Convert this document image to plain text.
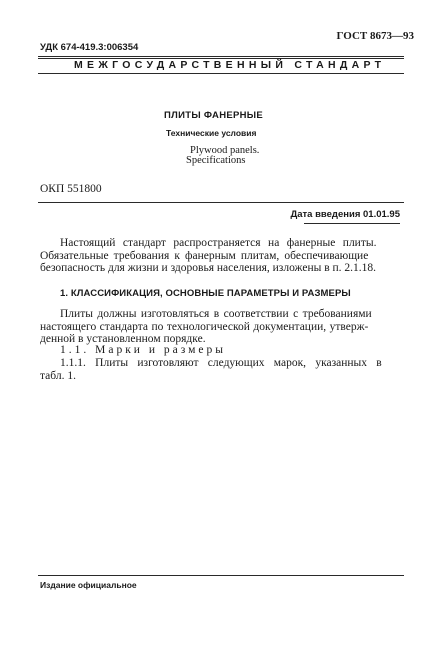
ГОСТ 8673—93
УДК 674-419.3:006354
МЕЖГОСУДАРСТВЕННЫЙ СТАНДАРТ
ПЛИТЫ ФАНЕРНЫЕ
Технические условия
Plywood panels.
Specifications
ОКП 551800
Дата введения 01.01.95
Настоящий стандарт распространяется на фанерные плиты.
Обязательные требования к фанерным плитам, обеспечивающие
безопасность для жизни и здоровья населения, изложены в п. 2.1.18.
1. КЛАССИФИКАЦИЯ, ОСНОВНЫЕ ПАРАМЕТРЫ И РАЗМЕРЫ
Плиты должны изготовляться в соответствии с требованиями
настоящего стандарта по технологической документации, утверж-
денной в установленном порядке.
1.1. Марки и размеры
1.1.1. Плиты изготовляют следующих марок, указанных в
табл. 1.
Издание официальное
